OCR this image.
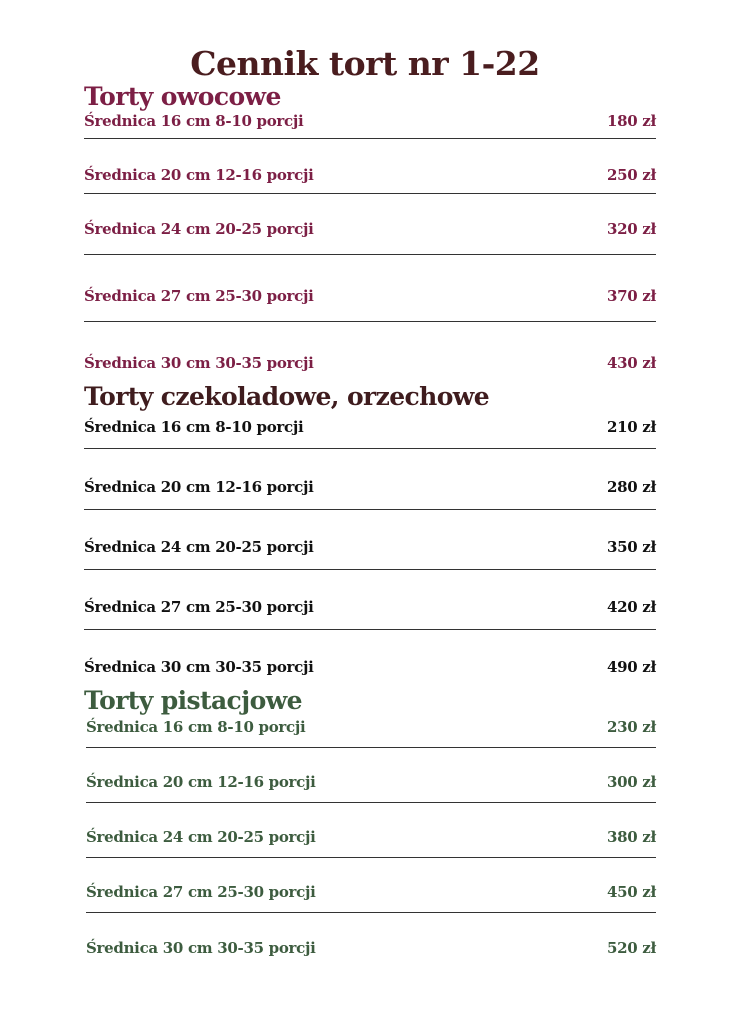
Cennik tort nr 1-22
Torty owocowe
Średnica 16 cm 8-10 porcji	180 zł
Średnica 20 cm 12-16 porcji	250 zł
Średnica 24 cm 20-25 porcji	320 zł
Średnica 27 cm 25-30 porcji	370 zł
Średnica 30 cm 30-35 porcji	430 zł
Torty czekoladowe, orzechowe
Średnica 16 cm 8-10 porcji	210 zł
Średnica 20 cm 12-16 porcji	280 zł
Średnica 24 cm 20-25 porcji	350 zł
Średnica 27 cm 25-30 porcji	420 zł
Średnica 30 cm 30-35 porcji	490 zł
Torty pistacjowe
Średnica 16 cm 8-10 porcji	230 zł
Średnica 20 cm 12-16 porcji	300 zł
Średnica 24 cm 20-25 porcji	380 zł
Średnica 27 cm 25-30 porcji	450 zł
Średnica 30 cm 30-35 porcji	520 zł
